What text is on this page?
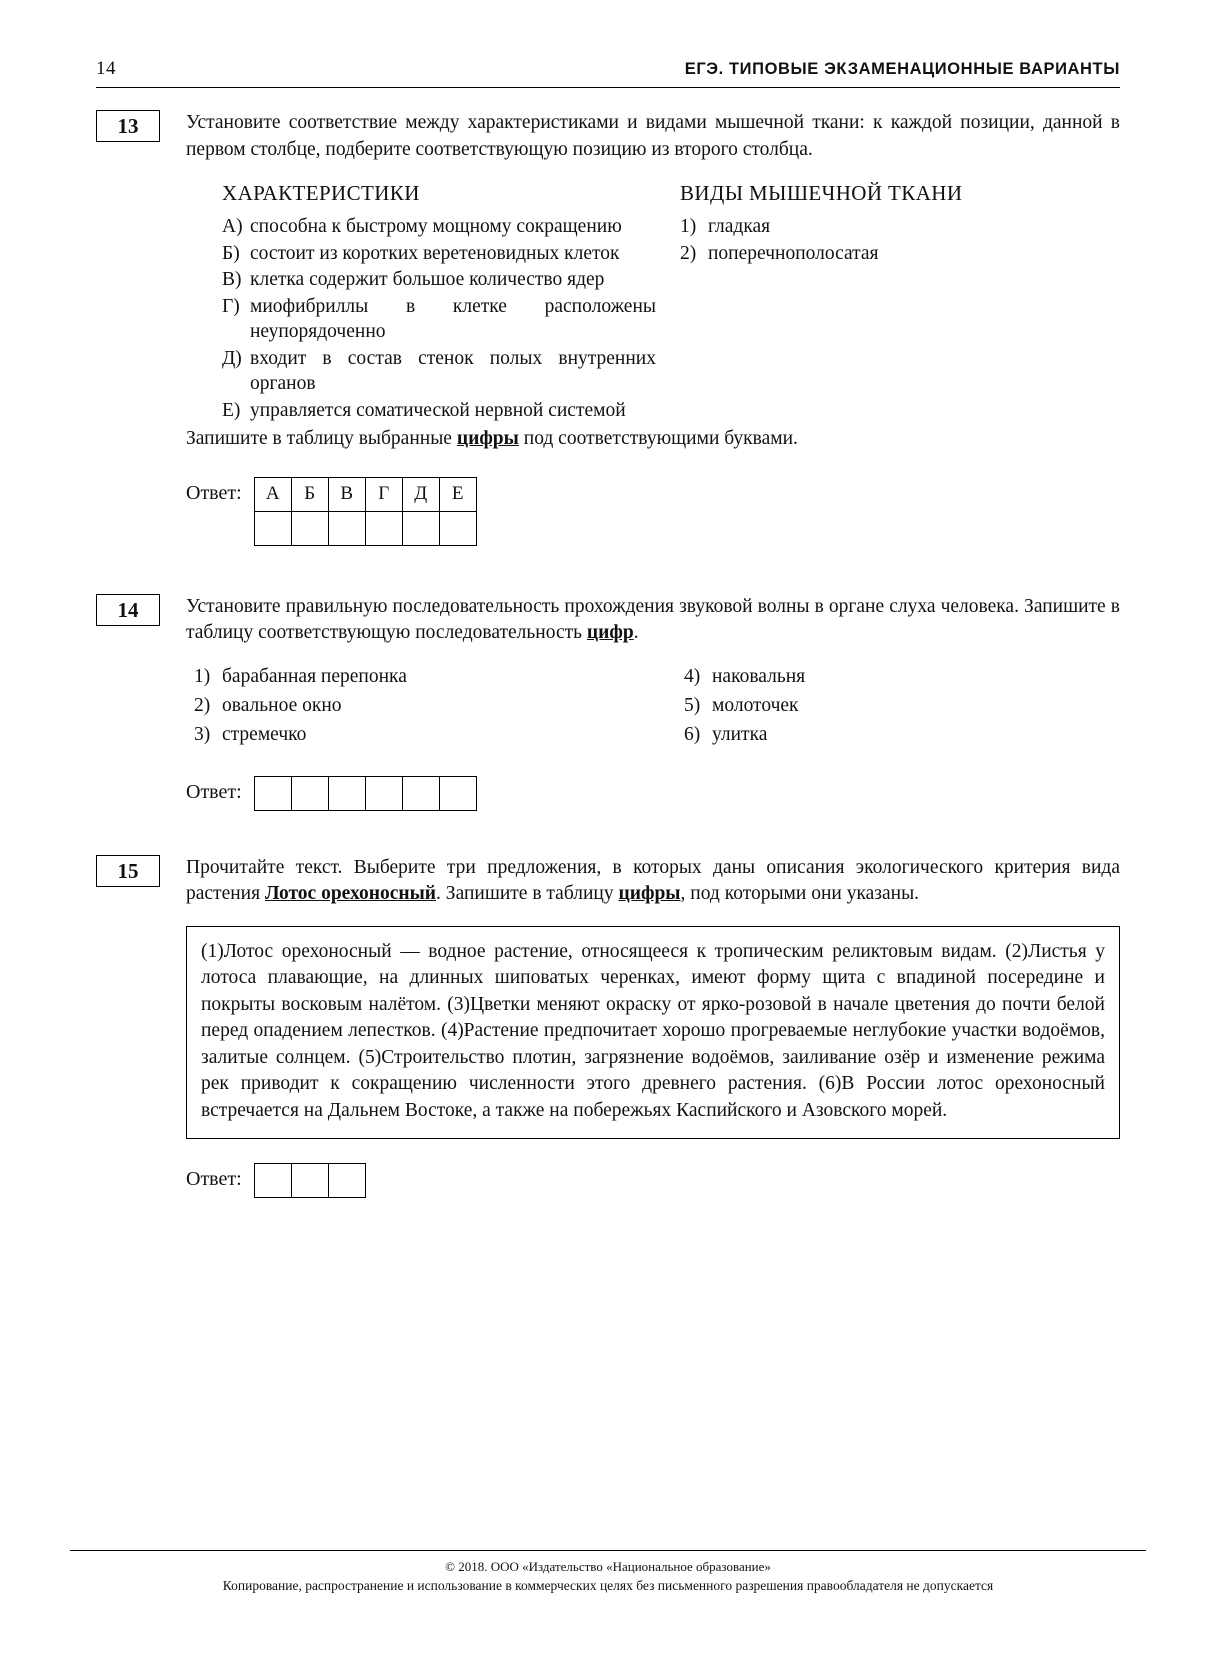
14	ЕГЭ. ТИПОВЫЕ ЭКЗАМЕНАЦИОННЫЕ ВАРИАНТЫ
13	Установите соответствие между характеристиками и видами мышечной ткани: к каждой позиции, данной в первом столбце, подберите соответствующую позицию из второго столбца.

ХАРАКТЕРИСТИКИ
А) способна к быстрому мощному сокращению
Б) состоит из коротких веретеновидных клеток
В) клетка содержит большое количество ядер
Г) миофибриллы в клетке расположены неупорядоченно
Д) входит в состав стенок полых внутренних органов
Е) управляется соматической нервной системой
ВИДЫ МЫШЕЧНОЙ ТКАНИ
1) гладкая
2) поперечнополосатая

Запишите в таблицу выбранные цифры под соответствующими буквами.

Ответ: А	Б	В	Г	Д	Е

14	Установите правильную последовательность прохождения звуковой волны в органе слуха человека. Запишите в таблицу соответствующую последовательность цифр.

1) барабанная перепонка
2) овальное окно
3) стремечко
4) наковальня
5) молоточек
6) улитка
Ответ:

15	Прочитайте текст. Выберите три предложения, в которых даны описания экологического критерия вида растения Лотос орехоносный. Запишите в таблицу цифры, под которыми они указаны.

(1)Лотос орехоносный — водное растение, относящееся к тропическим реликтовым видам. (2)Листья у лотоса плавающие, на длинных шиповатых черенках, имеют форму щита с впадиной посередине и покрыты восковым налётом. (3)Цветки меняют окраску от ярко-розовой в начале цветения до почти белой перед опадением лепестков. (4)Растение предпочитает хорошо прогреваемые неглубокие участки водоёмов, залитые солнцем. (5)Строительство плотин, загрязнение водоёмов, заиливание озёр и изменение режима рек приводит к сокращению численности этого древнего растения. (6)В России лотос орехоносный встречается на Дальнем Востоке, а также на побережьях Каспийского и Азовского морей.
Ответ:

© 2018. ООО «Издательство «Национальное образование»
Копирование, распространение и использование в коммерческих целях без письменного разрешения правообладателя не допускается
